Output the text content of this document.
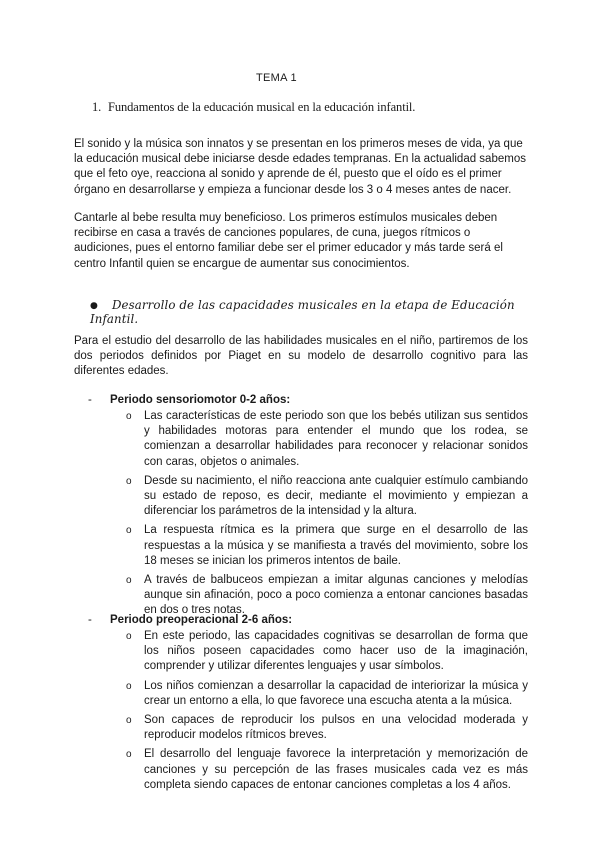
TEMA 1
1. Fundamentos de la educación musical en la educación infantil.
El sonido y la música son innatos y se presentan en los primeros meses de vida, ya que la educación musical debe iniciarse desde edades tempranas. En la actualidad sabemos que el feto oye, reacciona al sonido y aprende de él, puesto que el oído es el primer órgano en desarrollarse y empieza a funcionar desde los 3 o 4 meses antes de nacer.
Cantarle al bebe resulta muy beneficioso. Los primeros estímulos musicales deben recibirse en casa a través de canciones populares, de cuna, juegos rítmicos o audiciones, pues el entorno familiar debe ser el primer educador y más tarde será el centro Infantil quien se encargue de aumentar sus conocimientos.
● Desarrollo de las capacidades musicales en la etapa de Educación Infantil.
Para el estudio del desarrollo de las habilidades musicales en el niño, partiremos de los dos periodos definidos por Piaget en su modelo de desarrollo cognitivo para las diferentes edades.
- Periodo sensoriomotor 0-2 años:
o Las características de este periodo son que los bebés utilizan sus sentidos y habilidades motoras para entender el mundo que los rodea, se comienzan a desarrollar habilidades para reconocer y relacionar sonidos con caras, objetos o animales.
o Desde su nacimiento, el niño reacciona ante cualquier estímulo cambiando su estado de reposo, es decir, mediante el movimiento y empiezan a diferenciar los parámetros de la intensidad y la altura.
o La respuesta rítmica es la primera que surge en el desarrollo de las respuestas a la música y se manifiesta a través del movimiento, sobre los 18 meses se inician los primeros intentos de baile.
o A través de balbuceos empiezan a imitar algunas canciones y melodías aunque sin afinación, poco a poco comienza a entonar canciones basadas en dos o tres notas.
- Periodo preoperacional 2-6 años:
o En este periodo, las capacidades cognitivas se desarrollan de forma que los niños poseen capacidades como hacer uso de la imaginación, comprender y utilizar diferentes lenguajes y usar símbolos.
o Los niños comienzan a desarrollar la capacidad de interiorizar la música y crear un entorno a ella, lo que favorece una escucha atenta a la música.
o Son capaces de reproducir los pulsos en una velocidad moderada y reproducir modelos rítmicos breves.
o El desarrollo del lenguaje favorece la interpretación y memorización de canciones y su percepción de las frases musicales cada vez es más completa siendo capaces de entonar canciones completas a los 4 años.
